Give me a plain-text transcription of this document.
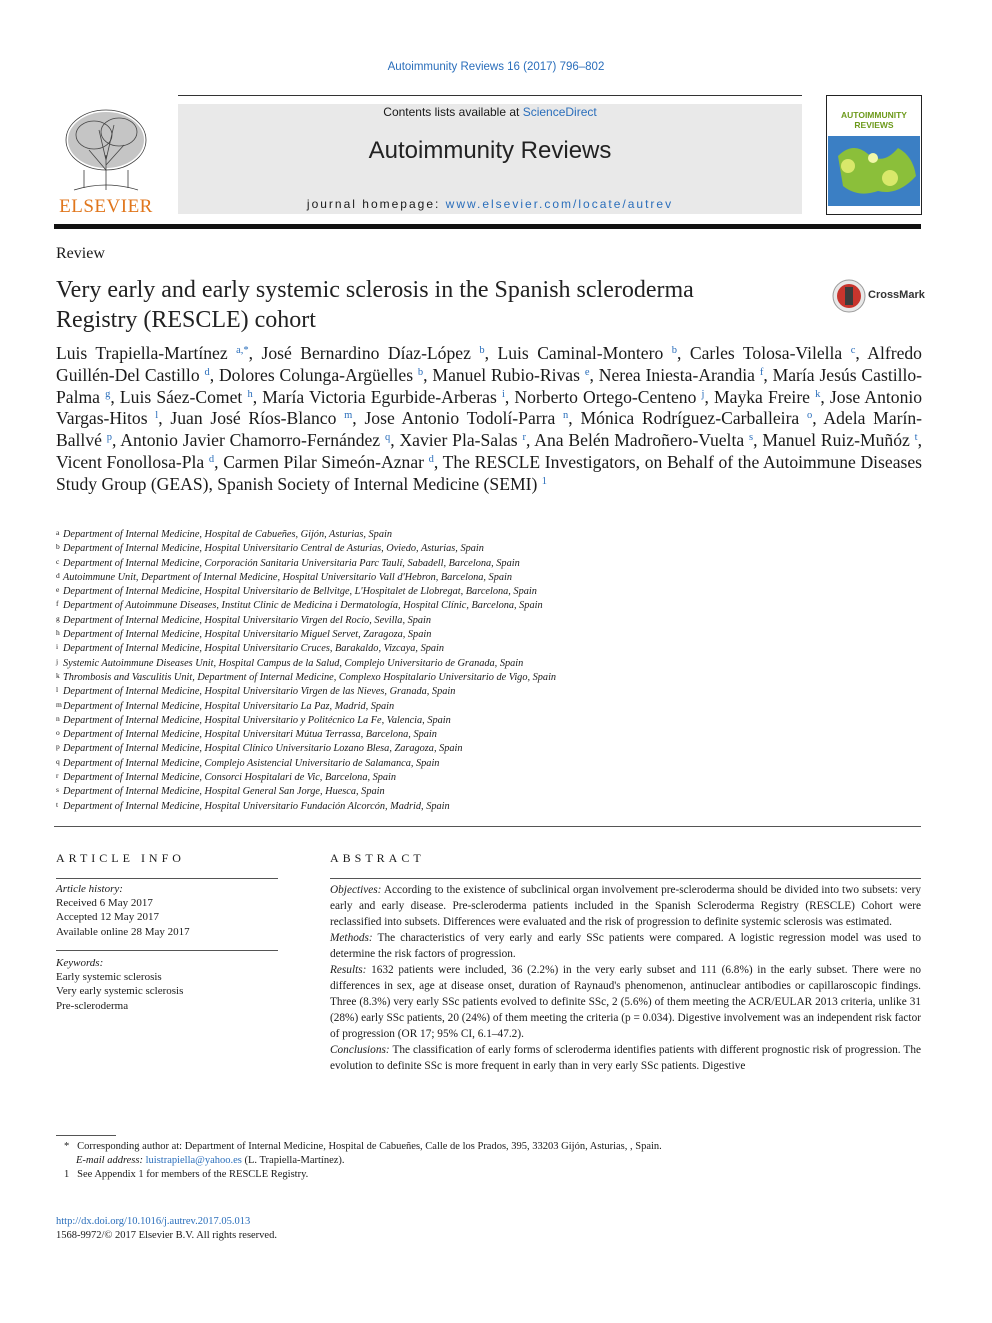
Autoimmunity Reviews 16 (2017) 796–802
ELSEVIER
Contents lists available at ScienceDirect
Autoimmunity Reviews
journal homepage: www.elsevier.com/locate/autrev
AUTOIMMUNITY REVIEWS
Review
Very early and early systemic sclerosis in the Spanish scleroderma Registry (RESCLE) cohort
CrossMark
Luis Trapiella-Martínez $^{a,*}$, José Bernardino Díaz-López $^b$, Luis Caminal-Montero $^b$, Carles Tolosa-Vilella $^c$, Alfredo Guillén-Del Castillo $^d$, Dolores Colunga-Argüelles $^b$, Manuel Rubio-Rivas $^e$, Nerea Iniesta-Arandia $^f$, María Jesús Castillo-Palma $^g$, Luis Sáez-Comet $^h$, María Victoria Egurbide-Arberas $^i$, Norberto Ortego-Centeno $^j$, Mayka Freire $^k$, Jose Antonio Vargas-Hitos $^l$, Juan José Ríos-Blanco $^m$, Jose Antonio Todolí-Parra $^n$, Mónica Rodríguez-Carballeira $^o$, Adela Marín-Ballvé $^p$, Antonio Javier Chamorro-Fernández $^q$, Xavier Pla-Salas $^r$, Ana Belén Madroñero-Vuelta $^s$, Manuel Ruiz-Muñóz $^t$, Vicent Fonollosa-Pla $^d$, Carmen Pilar Simeón-Aznar $^d$, The RESCLE Investigators, on Behalf of the Autoimmune Diseases Study Group (GEAS), Spanish Society of Internal Medicine (SEMI) $^1$
a Department of Internal Medicine, Hospital de Cabueñes, Gijón, Asturias, Spain
b Department of Internal Medicine, Hospital Universitario Central de Asturias, Oviedo, Asturias, Spain
c Department of Internal Medicine, Corporación Sanitaria Universitaria Parc Taulí, Sabadell, Barcelona, Spain
d Autoimmune Unit, Department of Internal Medicine, Hospital Universitario Vall d'Hebron, Barcelona, Spain
e Department of Internal Medicine, Hospital Universitario de Bellvitge, L'Hospitalet de Llobregat, Barcelona, Spain
f Department of Autoimmune Diseases, Institut Clinic de Medicina i Dermatología, Hospital Clínic, Barcelona, Spain
g Department of Internal Medicine, Hospital Universitario Virgen del Rocío, Sevilla, Spain
h Department of Internal Medicine, Hospital Universitario Miguel Servet, Zaragoza, Spain
i Department of Internal Medicine, Hospital Universitario Cruces, Barakaldo, Vizcaya, Spain
j Systemic Autoimmune Diseases Unit, Hospital Campus de la Salud, Complejo Universitario de Granada, Spain
k Thrombosis and Vasculitis Unit, Department of Internal Medicine, Complexo Hospitalario Universitario de Vigo, Spain
l Department of Internal Medicine, Hospital Universitario Virgen de las Nieves, Granada, Spain
mDepartment of Internal Medicine, Hospital Universitario La Paz, Madrid, Spain
n Department of Internal Medicine, Hospital Universitario y Politécnico La Fe, Valencia, Spain
o Department of Internal Medicine, Hospital Universitari Mútua Terrassa, Barcelona, Spain
p Department of Internal Medicine, Hospital Clínico Universitario Lozano Blesa, Zaragoza, Spain
q Department of Internal Medicine, Complejo Asistencial Universitario de Salamanca, Spain
r Department of Internal Medicine, Consorci Hospitalari de Vic, Barcelona, Spain
s Department of Internal Medicine, Hospital General San Jorge, Huesca, Spain
t Department of Internal Medicine, Hospital Universitario Fundación Alcorcón, Madrid, Spain
ARTICLE INFO	ABSTRACT
Article history:
Received 6 May 2017
Accepted 12 May 2017
Available online 28 May 2017
Keywords:
Early systemic sclerosis
Very early systemic sclerosis
Pre-scleroderma

Objectives: According to the existence of subclinical organ involvement pre-scleroderma should be divided into two subsets: very early and early disease. Pre-scleroderma patients included in the Spanish Scleroderma Registry (RESCLE) Cohort were reclassified into subsets. Differences were evaluated and the risk of progression to definite systemic sclerosis was estimated.

Methods: The characteristics of very early and early SSc patients were compared. A logistic regression model was used to determine the risk factors of progression.

Results: 1632 patients were included, 36 (2.2%) in the very early subset and 111 (6.8%) in the early subset. There were no differences in sex, age at disease onset, duration of Raynaud's phenomenon, antinuclear antibodies or capillaroscopic findings. Three (8.3%) very early SSc patients evolved to definite SSc, 2 (5.6%) of them meeting the ACR/EULAR 2013 criteria, unlike 31 (28%) early SSc patients, 20 (24%) of them meeting the criteria (p = 0.034). Digestive involvement was an independent risk factor of progression (OR 17; 95% CI, 6.1–47.2).

Conclusions: The classification of early forms of scleroderma identifies patients with different prognostic risk of progression. The evolution to definite SSc is more frequent in early than in very early SSc patients. Digestive

* Corresponding author at: Department of Internal Medicine, Hospital de Cabueñes, Calle de los Prados, 395, 33203 Gijón, Asturias, , Spain.
E-mail address: luistrapiella@yahoo.es (L. Trapiella-Martínez).
1 See Appendix 1 for members of the RESCLE Registry.
http://dx.doi.org/10.1016/j.autrev.2017.05.013
1568-9972/© 2017 Elsevier B.V. All rights reserved.
